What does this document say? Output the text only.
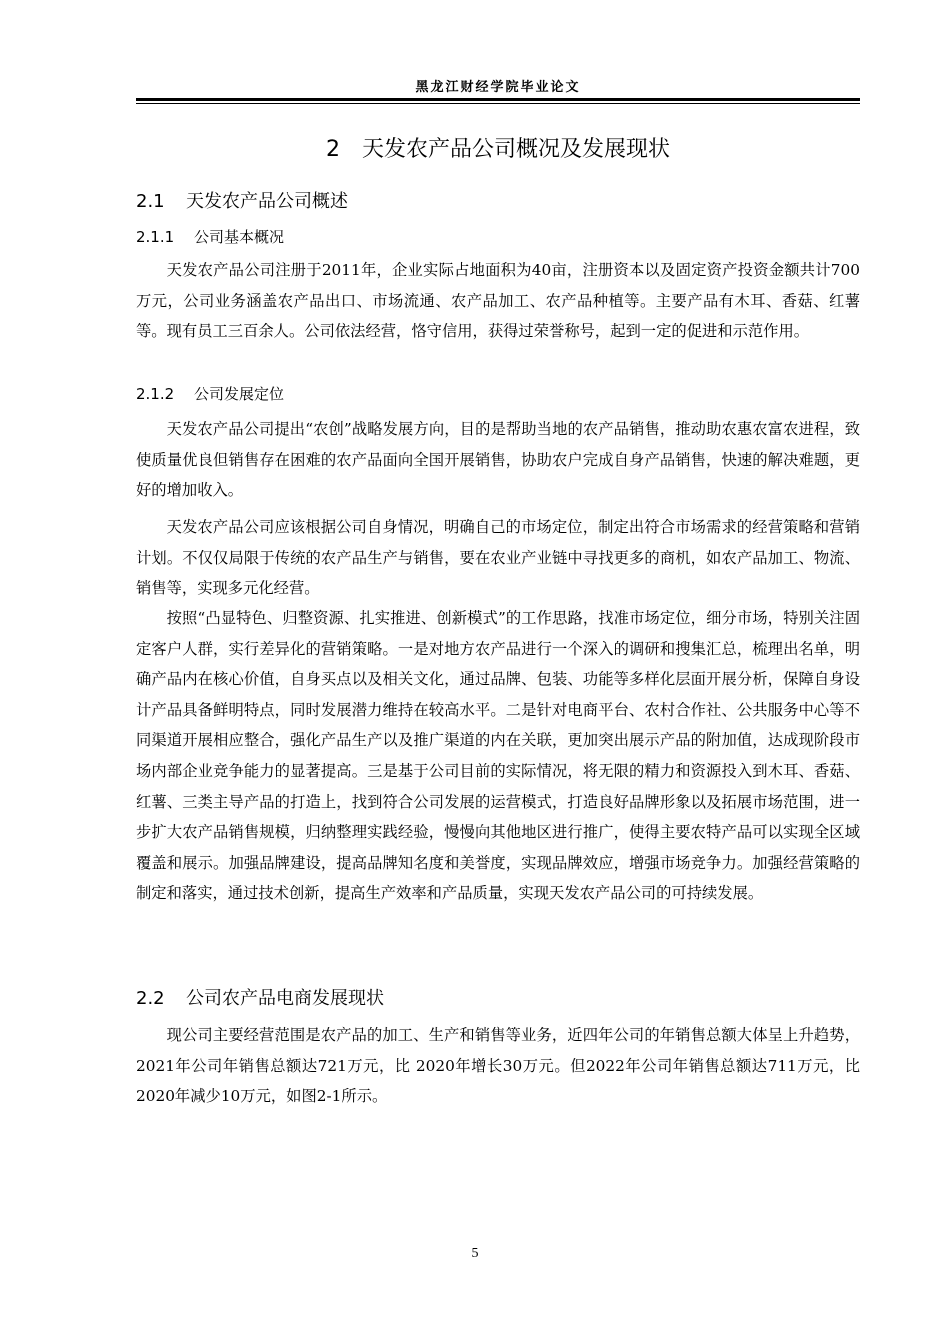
黑龙江财经学院毕业论文
2 天发农产品公司概况及发展现状
2.1 天发农产品公司概述
2.1.1 公司基本概况

天发农产品公司注册于2011年，企业实际占地面积为40亩，注册资本以及固定资产投资金额共计700万元，公司业务涵盖农产品出口、市场流通、农产品加工、农产品种植等。主要产品有木耳、香菇、红薯等。现有员工三百余人。公司依法经营，恪守信用，获得过荣誉称号，起到一定的促进和示范作用。

2.1.2 公司发展定位

天发农产品公司提出“农创”战略发展方向，目的是帮助当地的农产品销售，推动助农惠农富农进程，致使质量优良但销售存在困难的农产品面向全国开展销售，协助农户完成自身产品销售，快速的解决难题，更好的增加收入。

天发农产品公司应该根据公司自身情况，明确自己的市场定位，制定出符合市场需求的经营策略和营销计划。不仅仅局限于传统的农产品生产与销售，要在农业产业链中寻找更多的商机，如农产品加工、物流、销售等，实现多元化经营。

按照“凸显特色、归整资源、扎实推进、创新模式”的工作思路，找准市场定位，细分市场，特别关注固定客户人群，实行差异化的营销策略。一是对地方农产品进行一个深入的调研和搜集汇总，梳理出名单，明确产品内在核心价值，自身买点以及相关文化，通过品牌、包装、功能等多样化层面开展分析，保障自身设计产品具备鲜明特点，同时发展潜力维持在较高水平。二是针对电商平台、农村合作社、公共服务中心等不同渠道开展相应整合，强化产品生产以及推广渠道的内在关联，更加突出展示产品的附加值，达成现阶段市场内部企业竞争能力的显著提高。三是基于公司目前的实际情况，将无限的精力和资源投入到木耳、香菇、红薯、三类主导产品的打造上，找到符合公司发展的运营模式，打造良好品牌形象以及拓展市场范围，进一步扩大农产品销售规模，归纳整理实践经验，慢慢向其他地区进行推广，使得主要农特产品可以实现全区域覆盖和展示。加强品牌建设，提高品牌知名度和美誉度，实现品牌效应，增强市场竞争力。加强经营策略的制定和落实，通过技术创新，提高生产效率和产品质量，实现天发农产品公司的可持续发展。

2.2 公司农产品电商发展现状

现公司主要经营范围是农产品的加工、生产和销售等业务，近四年公司的年销售总额大体呈上升趋势，2021年公司年销售总额达721万元，比 2020年增长30万元。但2022年公司年销售总额达711万元，比 2020年减少10万元，如图2-1所示。

5
